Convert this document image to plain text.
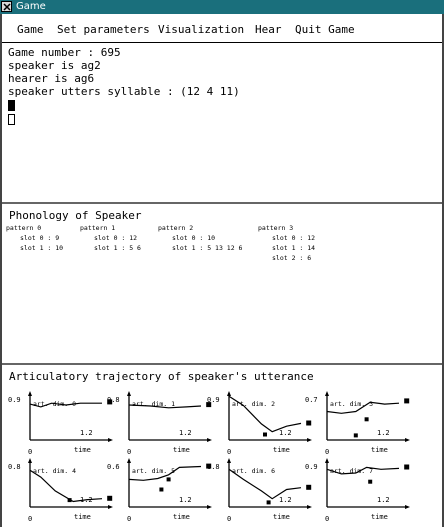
Game
Game Set parameters Visualization Hear Quit Game
Game number : 695
speaker is ag2
hearer is ag6
speaker utters syllable : (12 4 11)
Phonology of Speaker
pattern 0
slot 0 : 9
slot 1 : 10
pattern 1
slot 0 : 12
slot 1 : 5 6
pattern 2
slot 0 : 10
slot 1 : 5 13 12 6
pattern 3
slot 0 : 12
slot 1 : 14
slot 2 : 6
Articulatory trajectory of speaker's utterance
0.9 art. dim. 0
0
1.2
time
0.8 art. dim. 1
0
1.2
time
0.9 art. dim. 2
0
1.2
time
0.7 art. dim. 3
0
1.2
time
0.8 art. dim. 4
0
1.2
time
0.6 art. dim. 5
0
1.2
time
0.8 art. dim. 6
0
1.2
time
0.9 art. dim. 7
0
1.2
time
